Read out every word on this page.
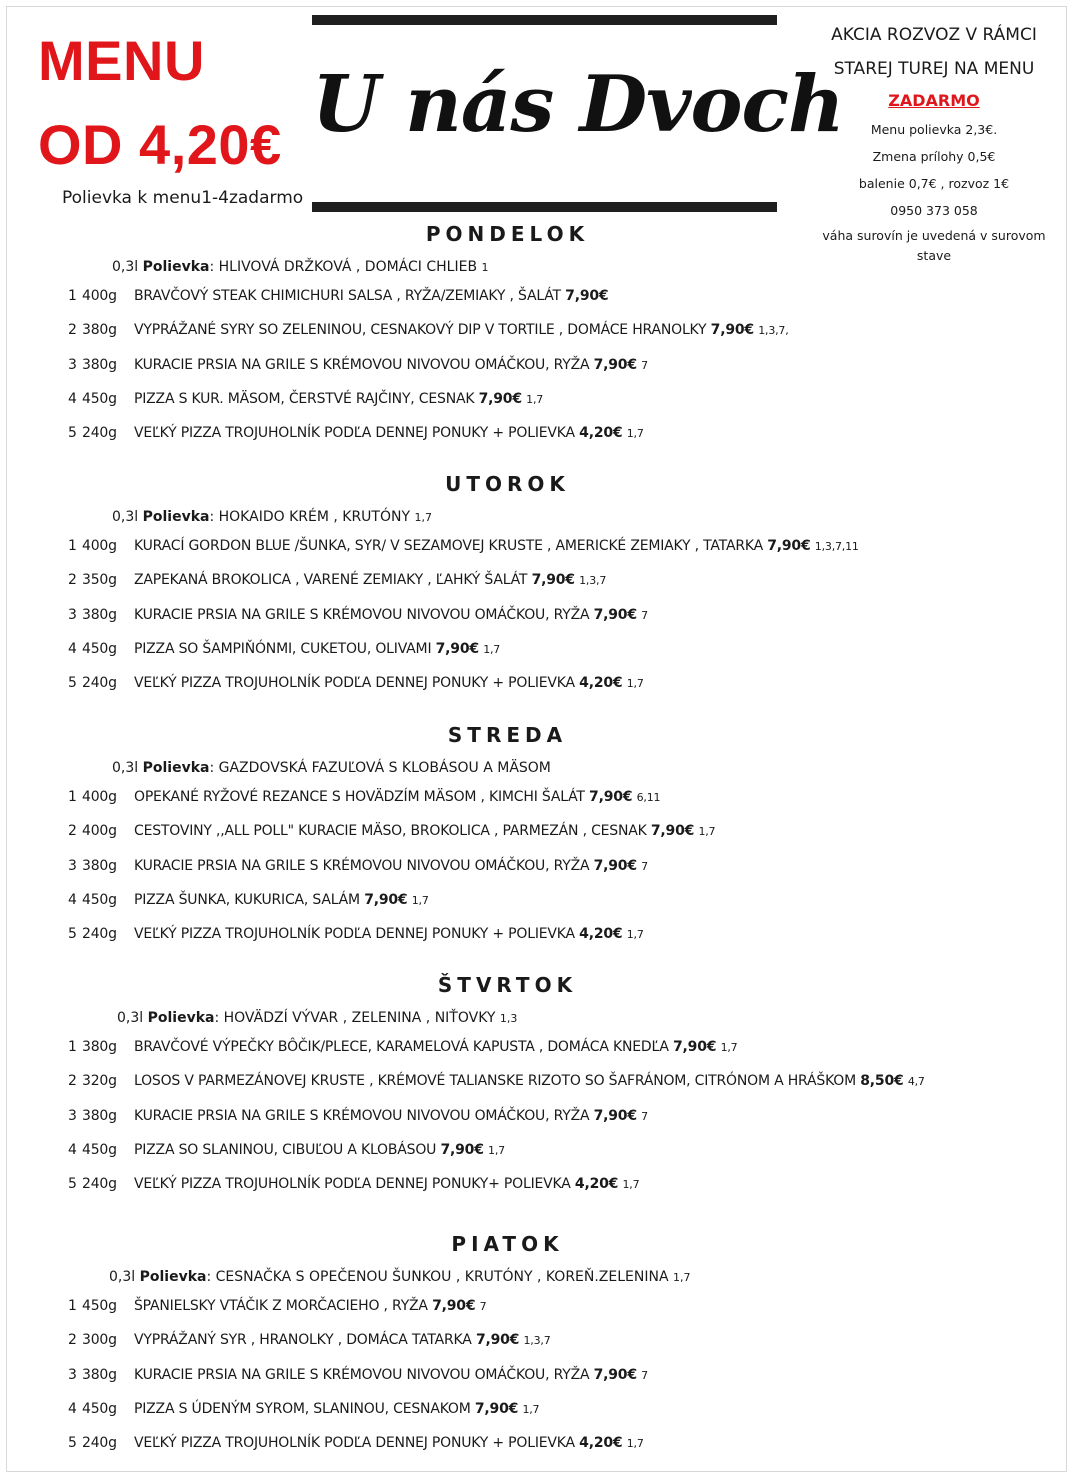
MENU
OD 4,20€
Polievka k menu1-4zadarmo
U nás Dvoch
AKCIA ROZVOZ V RÁMCI
STAREJ TUREJ NA MENU
ZADARMO
Menu polievka 2,3€.
Zmena prílohy 0,5€
balenie 0,7€ , rozvoz 1€
0950 373 058
váha surovín je uvedená v surovom stave
PONDELOK
0,3l Polievka: HLIVOVÁ DRŽKOVÁ , DOMÁCI CHLIEB 1
1 400g BRAVČOVÝ STEAK CHIMICHURI SALSA , RYŽA/ZEMIAKY , ŠALÁT 7,90€
2 380g VYPRÁŽANÉ SYRY SO ZELENINOU, CESNAKOVÝ DIP V TORTILE , DOMÁCE HRANOLKY 7,90€ 1,3,7,
3 380g KURACIE PRSIA NA GRILE S KRÉMOVOU NIVOVOU OMÁČKOU, RYŽA 7,90€ 7
4 450g PIZZA S KUR. MÄSOM, ČERSTVÉ RAJČINY, CESNAK 7,90€ 1,7
5 240g VEĽKÝ PIZZA TROJUHOLNÍK PODĽA DENNEJ PONUKY + POLIEVKA 4,20€ 1,7
UTOROK
0,3l Polievka: HOKAIDO KRÉM , KRUTÓNY 1,7
1 400g KURACÍ GORDON BLUE /ŠUNKA, SYR/ V SEZAMOVEJ KRUSTE , AMERICKÉ ZEMIAKY , TATARKA 7,90€ 1,3,7,11
2 350g ZAPEKANÁ BROKOLICA , VARENÉ ZEMIAKY , ĽAHKÝ ŠALÁT 7,90€ 1,3,7
3 380g KURACIE PRSIA NA GRILE S KRÉMOVOU NIVOVOU OMÁČKOU, RYŽA 7,90€ 7
4 450g PIZZA SO ŠAMPIŇÓNMI, CUKETOU, OLIVAMI 7,90€ 1,7
5 240g VEĽKÝ PIZZA TROJUHOLNÍK PODĽA DENNEJ PONUKY + POLIEVKA 4,20€ 1,7
STREDA
0,3l Polievka: GAZDOVSKÁ FAZUĽOVÁ S KLOBÁSOU A MÄSOM
1 400g OPEKANÉ RYŽOVÉ REZANCE S HOVÄDZÍM MÄSOM , KIMCHI ŠALÁT 7,90€ 6,11
2 400g CESTOVINY ,,ALL POLL" KURACIE MÄSO, BROKOLICA , PARMEZÁN , CESNAK 7,90€ 1,7
3 380g KURACIE PRSIA NA GRILE S KRÉMOVOU NIVOVOU OMÁČKOU, RYŽA 7,90€ 7
4 450g PIZZA ŠUNKA, KUKURICA, SALÁM 7,90€ 1,7
5 240g VEĽKÝ PIZZA TROJUHOLNÍK PODĽA DENNEJ PONUKY + POLIEVKA 4,20€ 1,7
ŠTVRTOK
0,3l Polievka: HOVÄDZÍ VÝVAR , ZELENINA , NIŤOVKY 1,3
1 380g BRAVČOVÉ VÝPEČKY BÔČIK/PLECE, KARAMELOVÁ KAPUSTA , DOMÁCA KNEDĽA 7,90€ 1,7
2 320g LOSOS V PARMEZÁNOVEJ KRUSTE , KRÉMOVÉ TALIANSKE RIZOTO SO ŠAFRÁNOM, CITRÓNOM A HRÁŠKOM 8,50€ 4,7
3 380g KURACIE PRSIA NA GRILE S KRÉMOVOU NIVOVOU OMÁČKOU, RYŽA 7,90€ 7
4 450g PIZZA SO SLANINOU, CIBUĽOU A KLOBÁSOU 7,90€ 1,7
5 240g VEĽKÝ PIZZA TROJUHOLNÍK PODĽA DENNEJ PONUKY+ POLIEVKA 4,20€ 1,7
PIATOK
0,3l Polievka: CESNAČKA S OPEČENOU ŠUNKOU , KRUTÓNY , KOREŇ.ZELENINA 1,7
1 450g ŠPANIELSKY VTÁČIK Z MORČACIEHO , RYŽA 7,90€ 7
2 300g VYPRÁŽANÝ SYR , HRANOLKY , DOMÁCA TATARKA 7,90€ 1,3,7
3 380g KURACIE PRSIA NA GRILE S KRÉMOVOU NIVOVOU OMÁČKOU, RYŽA 7,90€ 7
4 450g PIZZA S ÚDENÝM SYROM, SLANINOU, CESNAKOM 7,90€ 1,7
5 240g VEĽKÝ PIZZA TROJUHOLNÍK PODĽA DENNEJ PONUKY + POLIEVKA 4,20€ 1,7
